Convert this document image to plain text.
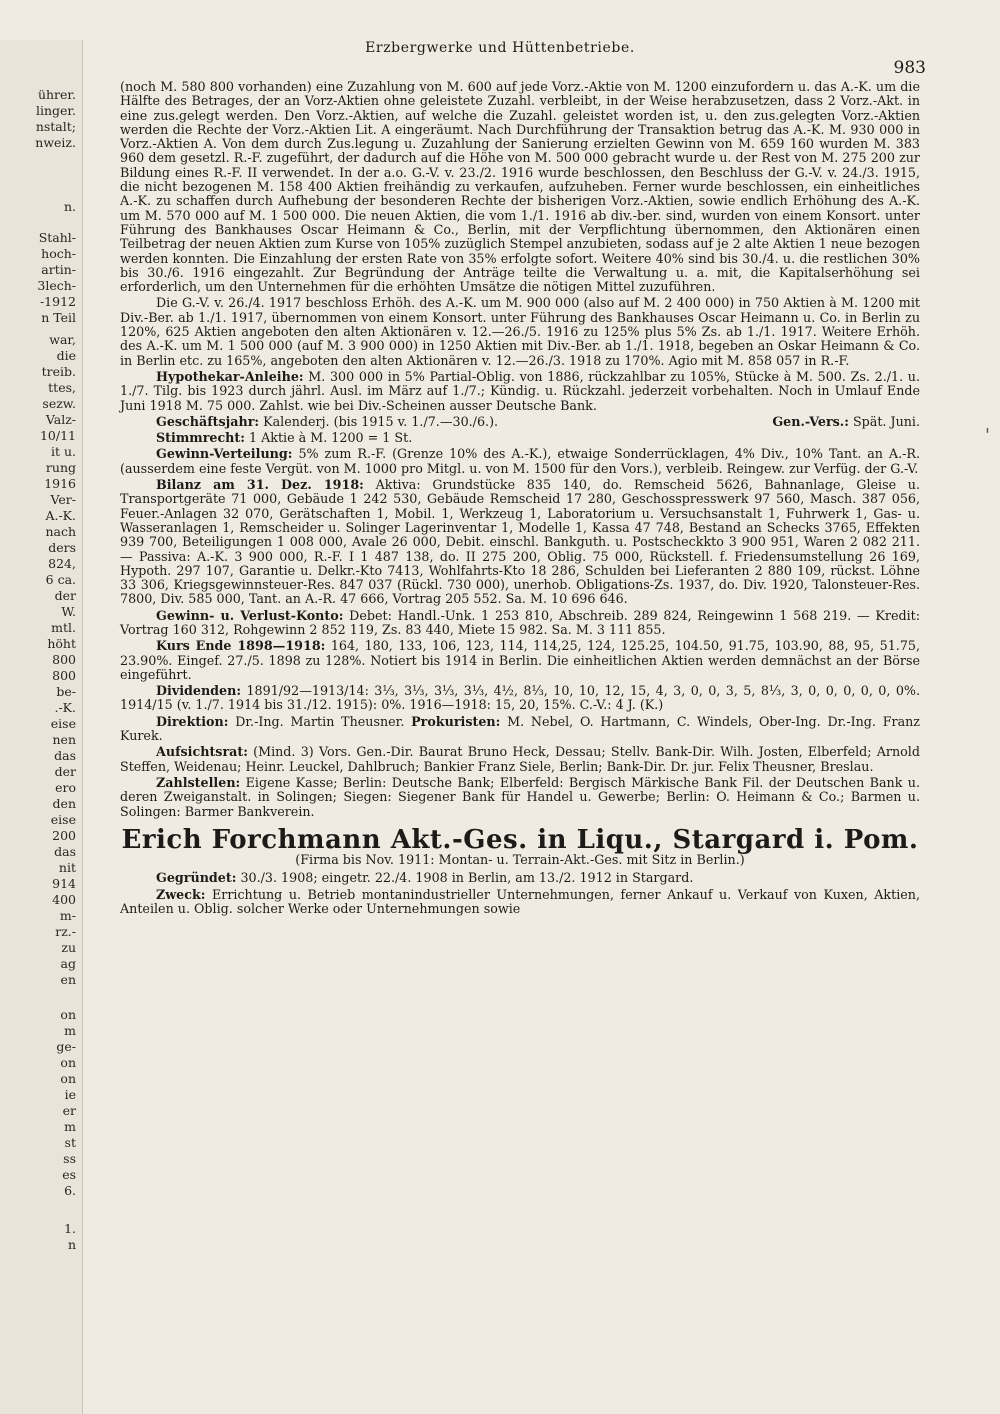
ührer.
linger.
nstalt;
nweiz.
n.
Stahl-
hoch-
artin-
3lech-
-1912
n Teil
war,
die
treib.
ttes,
sezw.
Valz-
10/11
it u.
rung
1916
Ver-
A.-K.
nach
ders
824,
6 ca.
der
W.
mtl.
höht
800
800
be-
.-K.
eise
nen
das
der
ero
den
eise
200
das
nit
914
400
m-
rz.-
zu
ag
en
on
m
ge-
on
on
ie
er
m
st
ss
es
6.
1.
n
Erzbergwerke und Hüttenbetriebe.
983

(noch M. 580 800 vorhanden) eine Zuzahlung von M. 600 auf jede Vorz.-Aktie von M. 1200 einzufordern u. das A.-K. um die Hälfte des Betrages, der an Vorz-Aktien ohne geleistete Zuzahl. verbleibt, in der Weise herabzusetzen, dass 2 Vorz.-Akt. in eine zus.gelegt werden. Den Vorz.-Aktien, auf welche die Zuzahl. geleistet worden ist, u. den zus.gelegten Vorz.-Aktien werden die Rechte der Vorz.-Aktien Lit. A eingeräumt. Nach Durchführung der Transaktion betrug das A.-K. M. 930 000 in Vorz.-Aktien A. Von dem durch Zus.legung u. Zuzahlung der Sanierung erzielten Gewinn von M. 659 160 wurden M. 383 960 dem gesetzl. R.-F. zugeführt, der dadurch auf die Höhe von M. 500 000 gebracht wurde u. der Rest von M. 275 200 zur Bildung eines R.-F. II verwendet. In der a.o. G.-V. v. 23./2. 1916 wurde beschlossen, den Beschluss der G.-V. v. 24./3. 1915, die nicht bezogenen M. 158 400 Aktien freihändig zu verkaufen, aufzuheben. Ferner wurde beschlossen, ein einheitliches A.-K. zu schaffen durch Aufhebung der besonderen Rechte der bisherigen Vorz.-Aktien, sowie endlich Erhöhung des A.-K. um M. 570 000 auf M. 1 500 000. Die neuen Aktien, die vom 1./1. 1916 ab div.-ber. sind, wurden von einem Konsort. unter Führung des Bankhauses Oscar Heimann & Co., Berlin, mit der Verpflichtung übernommen, den Aktionären einen Teilbetrag der neuen Aktien zum Kurse von 105% zuzüglich Stempel anzubieten, sodass auf je 2 alte Aktien 1 neue bezogen werden konnten. Die Einzahlung der ersten Rate von 35% erfolgte sofort. Weitere 40% sind bis 30./4. u. die restlichen 30% bis 30./6. 1916 eingezahlt. Zur Begründung der Anträge teilte die Verwaltung u. a. mit, die Kapitalserhöhung sei erforderlich, um den Unternehmen für die erhöhten Umsätze die nötigen Mittel zuzuführen.

Die G.-V. v. 26./4. 1917 beschloss Erhöh. des A.-K. um M. 900 000 (also auf M. 2 400 000) in 750 Aktien à M. 1200 mit Div.-Ber. ab 1./1. 1917, übernommen von einem Konsort. unter Führung des Bankhauses Oscar Heimann u. Co. in Berlin zu 120%, 625 Aktien angeboten den alten Aktionären v. 12.—26./5. 1916 zu 125% plus 5% Zs. ab 1./1. 1917. Weitere Erhöh. des A.-K. um M. 1 500 000 (auf M. 3 900 000) in 1250 Aktien mit Div.-Ber. ab 1./1. 1918, begeben an Oskar Heimann & Co. in Berlin etc. zu 165%, angeboten den alten Aktionären v. 12.—26./3. 1918 zu 170%. Agio mit M. 858 057 in R.-F.

Hypothekar-Anleihe: M. 300 000 in 5% Partial-Oblig. von 1886, rückzahlbar zu 105%, Stücke à M. 500. Zs. 2./1. u. 1./7. Tilg. bis 1923 durch jährl. Ausl. im März auf 1./7.; Kündig. u. Rückzahl. jederzeit vorbehalten. Noch in Umlauf Ende Juni 1918 M. 75 000. Zahlst. wie bei Div.-Scheinen ausser Deutsche Bank.

Geschäftsjahr: Kalenderj. (bis 1915 v. 1./7.—30./6.).	Gen.-Vers.: Spät. Juni.

Stimmrecht: 1 Aktie à M. 1200 = 1 St.

Gewinn-Verteilung: 5% zum R.-F. (Grenze 10% des A.-K.), etwaige Sonderrücklagen, 4% Div., 10% Tant. an A.-R. (ausserdem eine feste Vergüt. von M. 1000 pro Mitgl. u. von M. 1500 für den Vors.), verbleib. Reingew. zur Verfüg. der G.-V.

Bilanz am 31. Dez. 1918: Aktiva: Grundstücke 835 140, do. Remscheid 5626, Bahnanlage, Gleise u. Transportgeräte 71 000, Gebäude 1 242 530, Gebäude Remscheid 17 280, Geschosspresswerk 97 560, Masch. 387 056, Feuer.-Anlagen 32 070, Gerätschaften 1, Mobil. 1, Werkzeug 1, Laboratorium u. Versuchsanstalt 1, Fuhrwerk 1, Gas- u. Wasseranlagen 1, Remscheider u. Solinger Lagerinventar 1, Modelle 1, Kassa 47 748, Bestand an Schecks 3765, Effekten 939 700, Beteiligungen 1 008 000, Avale 26 000, Debit. einschl. Bankguth. u. Postscheckkto 3 900 951, Waren 2 082 211. — Passiva: A.-K. 3 900 000, R.-F. I 1 487 138, do. II 275 200, Oblig. 75 000, Rückstell. f. Friedensumstellung 26 169, Hypoth. 297 107, Garantie u. Delkr.-Kto 7413, Wohlfahrts-Kto 18 286, Schulden bei Lieferanten 2 880 109, rückst. Löhne 33 306, Kriegsgewinnsteuer-Res. 847 037 (Rückl. 730 000), unerhob. Obligations-Zs. 1937, do. Div. 1920, Talonsteuer-Res. 7800, Div. 585 000, Tant. an A.-R. 47 666, Vortrag 205 552. Sa. M. 10 696 646.

Gewinn- u. Verlust-Konto: Debet: Handl.-Unk. 1 253 810, Abschreib. 289 824, Reingewinn 1 568 219. — Kredit: Vortrag 160 312, Rohgewinn 2 852 119, Zs. 83 440, Miete 15 982. Sa. M. 3 111 855.

Kurs Ende 1898—1918: 164, 180, 133, 106, 123, 114, 114,25, 124, 125.25, 104.50, 91.75, 103.90, 88, 95, 51.75, 23.90%. Eingef. 27./5. 1898 zu 128%. Notiert bis 1914 in Berlin. Die einheitlichen Aktien werden demnächst an der Börse eingeführt.

Dividenden: 1891/92—1913/14: 3⅓, 3⅓, 3⅓, 3⅓, 4½, 8⅓, 10, 10, 12, 15, 4, 3, 0, 0, 3, 5, 8⅓, 3, 0, 0, 0, 0, 0, 0%. 1914/15 (v. 1./7. 1914 bis 31./12. 1915): 0%. 1916—1918: 15, 20, 15%. C.-V.: 4 J. (K.)

Direktion: Dr.-Ing. Martin Theusner. Prokuristen: M. Nebel, O. Hartmann, C. Windels, Ober-Ing. Dr.-Ing. Franz Kurek.

Aufsichtsrat: (Mind. 3) Vors. Gen.-Dir. Baurat Bruno Heck, Dessau; Stellv. Bank-Dir. Wilh. Josten, Elberfeld; Arnold Steffen, Weidenau; Heinr. Leuckel, Dahlbruch; Bankier Franz Siele, Berlin; Bank-Dir. Dr. jur. Felix Theusner, Breslau.

Zahlstellen: Eigene Kasse; Berlin: Deutsche Bank; Elberfeld: Bergisch Märkische Bank Fil. der Deutschen Bank u. deren Zweiganstalt. in Solingen; Siegen: Siegener Bank für Handel u. Gewerbe; Berlin: O. Heimann & Co.; Barmen u. Solingen: Barmer Bankverein.

Erich Forchmann Akt.-Ges. in Liqu., Stargard i. Pom.
(Firma bis Nov. 1911: Montan- u. Terrain-Akt.-Ges. mit Sitz in Berlin.)

Gegründet: 30./3. 1908; eingetr. 22./4. 1908 in Berlin, am 13./2. 1912 in Stargard.

Zweck: Errichtung u. Betrieb montanindustrieller Unternehmungen, ferner Ankauf u. Verkauf von Kuxen, Aktien, Anteilen u. Oblig. solcher Werke oder Unternehmungen sowie

'
